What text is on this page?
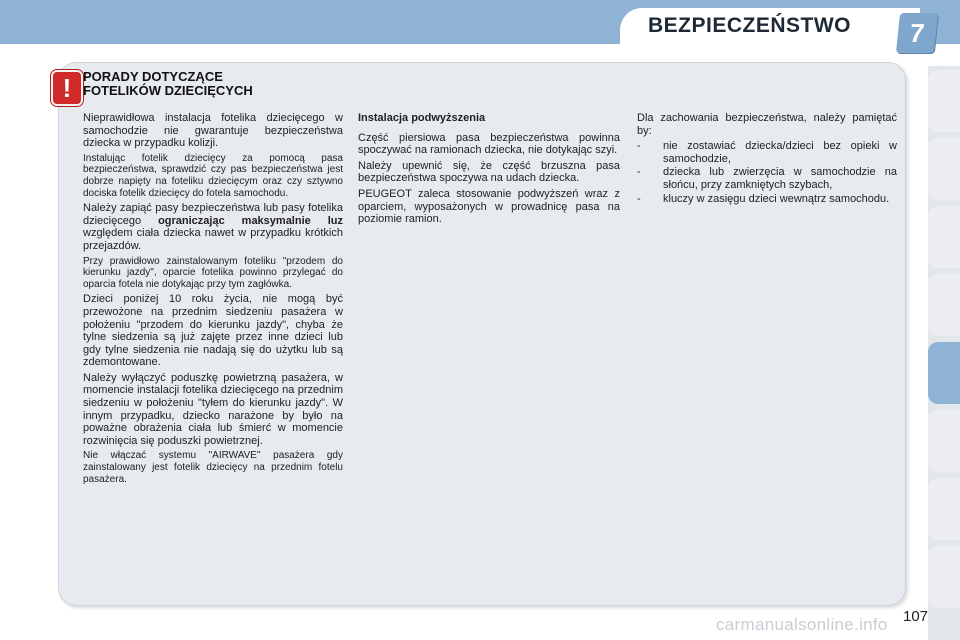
BEZPIECZEŃSTWO	7
! PORADY DOTYCZĄCE
FOTELIKÓW DZIECIĘCYCH

Nieprawidłowa instalacja fotelika dziecięcego w samochodzie nie gwarantuje bezpieczeństwa dziecka w przypadku kolizji.

Instalując fotelik dziecięcy za pomocą pasa bezpieczeństwa, sprawdzić czy pas bezpieczeństwa jest dobrze napięty na foteliku dziecięcym oraz czy sztywno dociska fotelik dziecięcy do fotela samochodu.

Należy zapiąć pasy bezpieczeństwa lub pasy fotelika dziecięcego ograniczając maksymalnie luz względem ciała dziecka nawet w przypadku krótkich przejazdów.

Przy prawidłowo zainstalowanym foteliku "przodem do kierunku jazdy", oparcie fotelika powinno przylegać do oparcia fotela nie dotykając przy tym zagłówka.

Dzieci poniżej 10 roku życia, nie mogą być przewożone na przednim siedzeniu pasażera w położeniu "przodem do kierunku jazdy", chyba że tylne siedzenia są już zajęte przez inne dzieci lub gdy tylne siedzenia nie nadają się do użytku lub są zdemontowane.

Należy wyłączyć poduszkę powietrzną pasażera, w momencie instalacji fotelika dziecięcego na przednim siedzeniu w położeniu "tyłem do kierunku jazdy". W innym przypadku, dziecko narażone by było na poważne obrażenia ciała lub śmierć w momencie rozwinięcia się poduszki powietrznej.

Nie włączać systemu "AIRWAVE" pasażera gdy zainstalowany jest fotelik dziecięcy na przednim fotelu pasażera.

Instalacja podwyższenia

Część piersiowa pasa bezpieczeństwa powinna spoczywać na ramionach dziecka, nie dotykając szyi.

Należy upewnić się, że część brzuszna pasa bezpieczeństwa spoczywa na udach dziecka.

PEUGEOT zaleca stosowanie podwyższeń wraz z oparciem, wyposażonych w prowadnicę pasa na poziomie ramion.

Dla zachowania bezpieczeństwa, należy pamiętać by:

- nie zostawiać dziecka/dzieci bez opieki w samochodzie,
- dziecka lub zwierzęcia w samochodzie na słońcu, przy zamkniętych szybach,
- kluczy w zasięgu dzieci wewnątrz samochodu.
carmanualsonline.info 107
